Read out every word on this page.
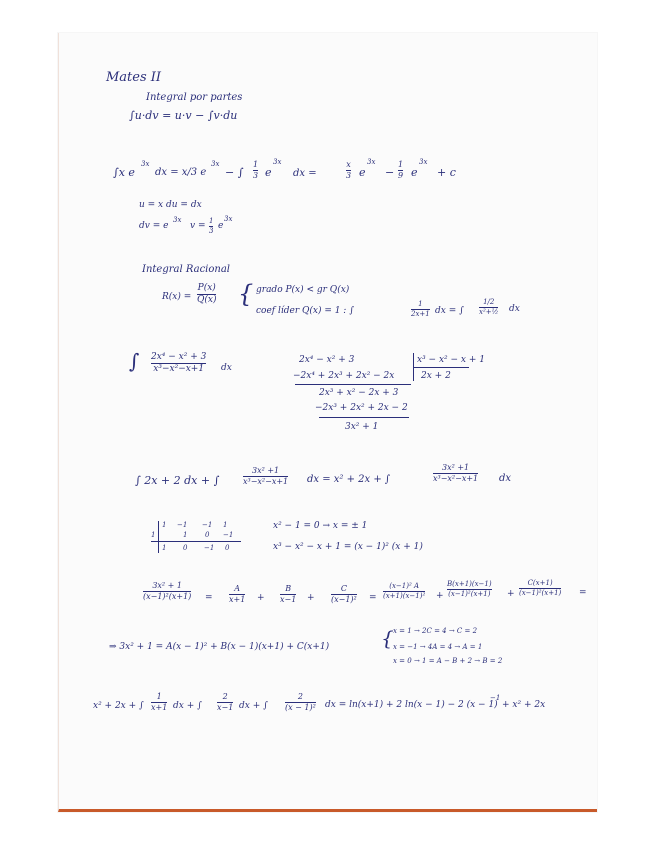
Mates II
Integral por partes
∫u·dv = u·v − ∫v·du
∫x e
3x
dx = x/3 e
3x
− ∫
1
3 e
3x
dx =
x
3 e
3x
−
1
9 e
3x
+ c
u = x du = dx
dv = e
3x
v = 1
3
e
3x
Integral Racional
R(x) =
P(x)
Q(x) { grado P(x) < gr Q(x)
coef líder Q(x) = 1 : ∫
1
2x+1 dx = ∫
1/2
x²+½ dx
∫ 2x⁴ − x² + 3
x³−x²−x+1 dx
2x⁴ − x² + 3	x³ − x² − x + 1
2x + 2
−2x⁴ + 2x³ + 2x² − 2x
2x³ + x² − 2x + 3
−2x³ + 2x² + 2x − 2
3x² + 1
∫ 2x + 2 dx + ∫
3x² +1
x³−x²−x+1 dx = x² + 2x + ∫
3x² +1
x³−x²−x+1 dx
1 −1 −1 1
1	1	0 −1
1 0 −1 0
x² − 1 = 0 → x = ± 1
x³ − x² − x + 1 = (x − 1)² (x + 1)
3x² + 1
(x−1)²(x+1) =
A
x+1 +
B
x−1 +
C
(x−1)² =
(x−1)² A
(x+1)(x−1)² +
B(x+1)(x−1)
(x−1)²(x+1) +
C(x+1)
(x−1)²(x+1) =
⇒ 3x² + 1 = A(x − 1)² + B(x − 1)(x+1) + C(x+1)	{ x = 1 → 2C = 4 → C = 2
x = −1 → 4A = 4 → A = 1
x = 0 → 1 = A − B + 2 → B = 2
x² + 2x + ∫
1
x+1 dx + ∫
2
x−1 dx + ∫
2
(x − 1)² dx = ln(x+1) + 2 ln(x − 1) − 2 (x − 1)
−1
+ x² + 2x
